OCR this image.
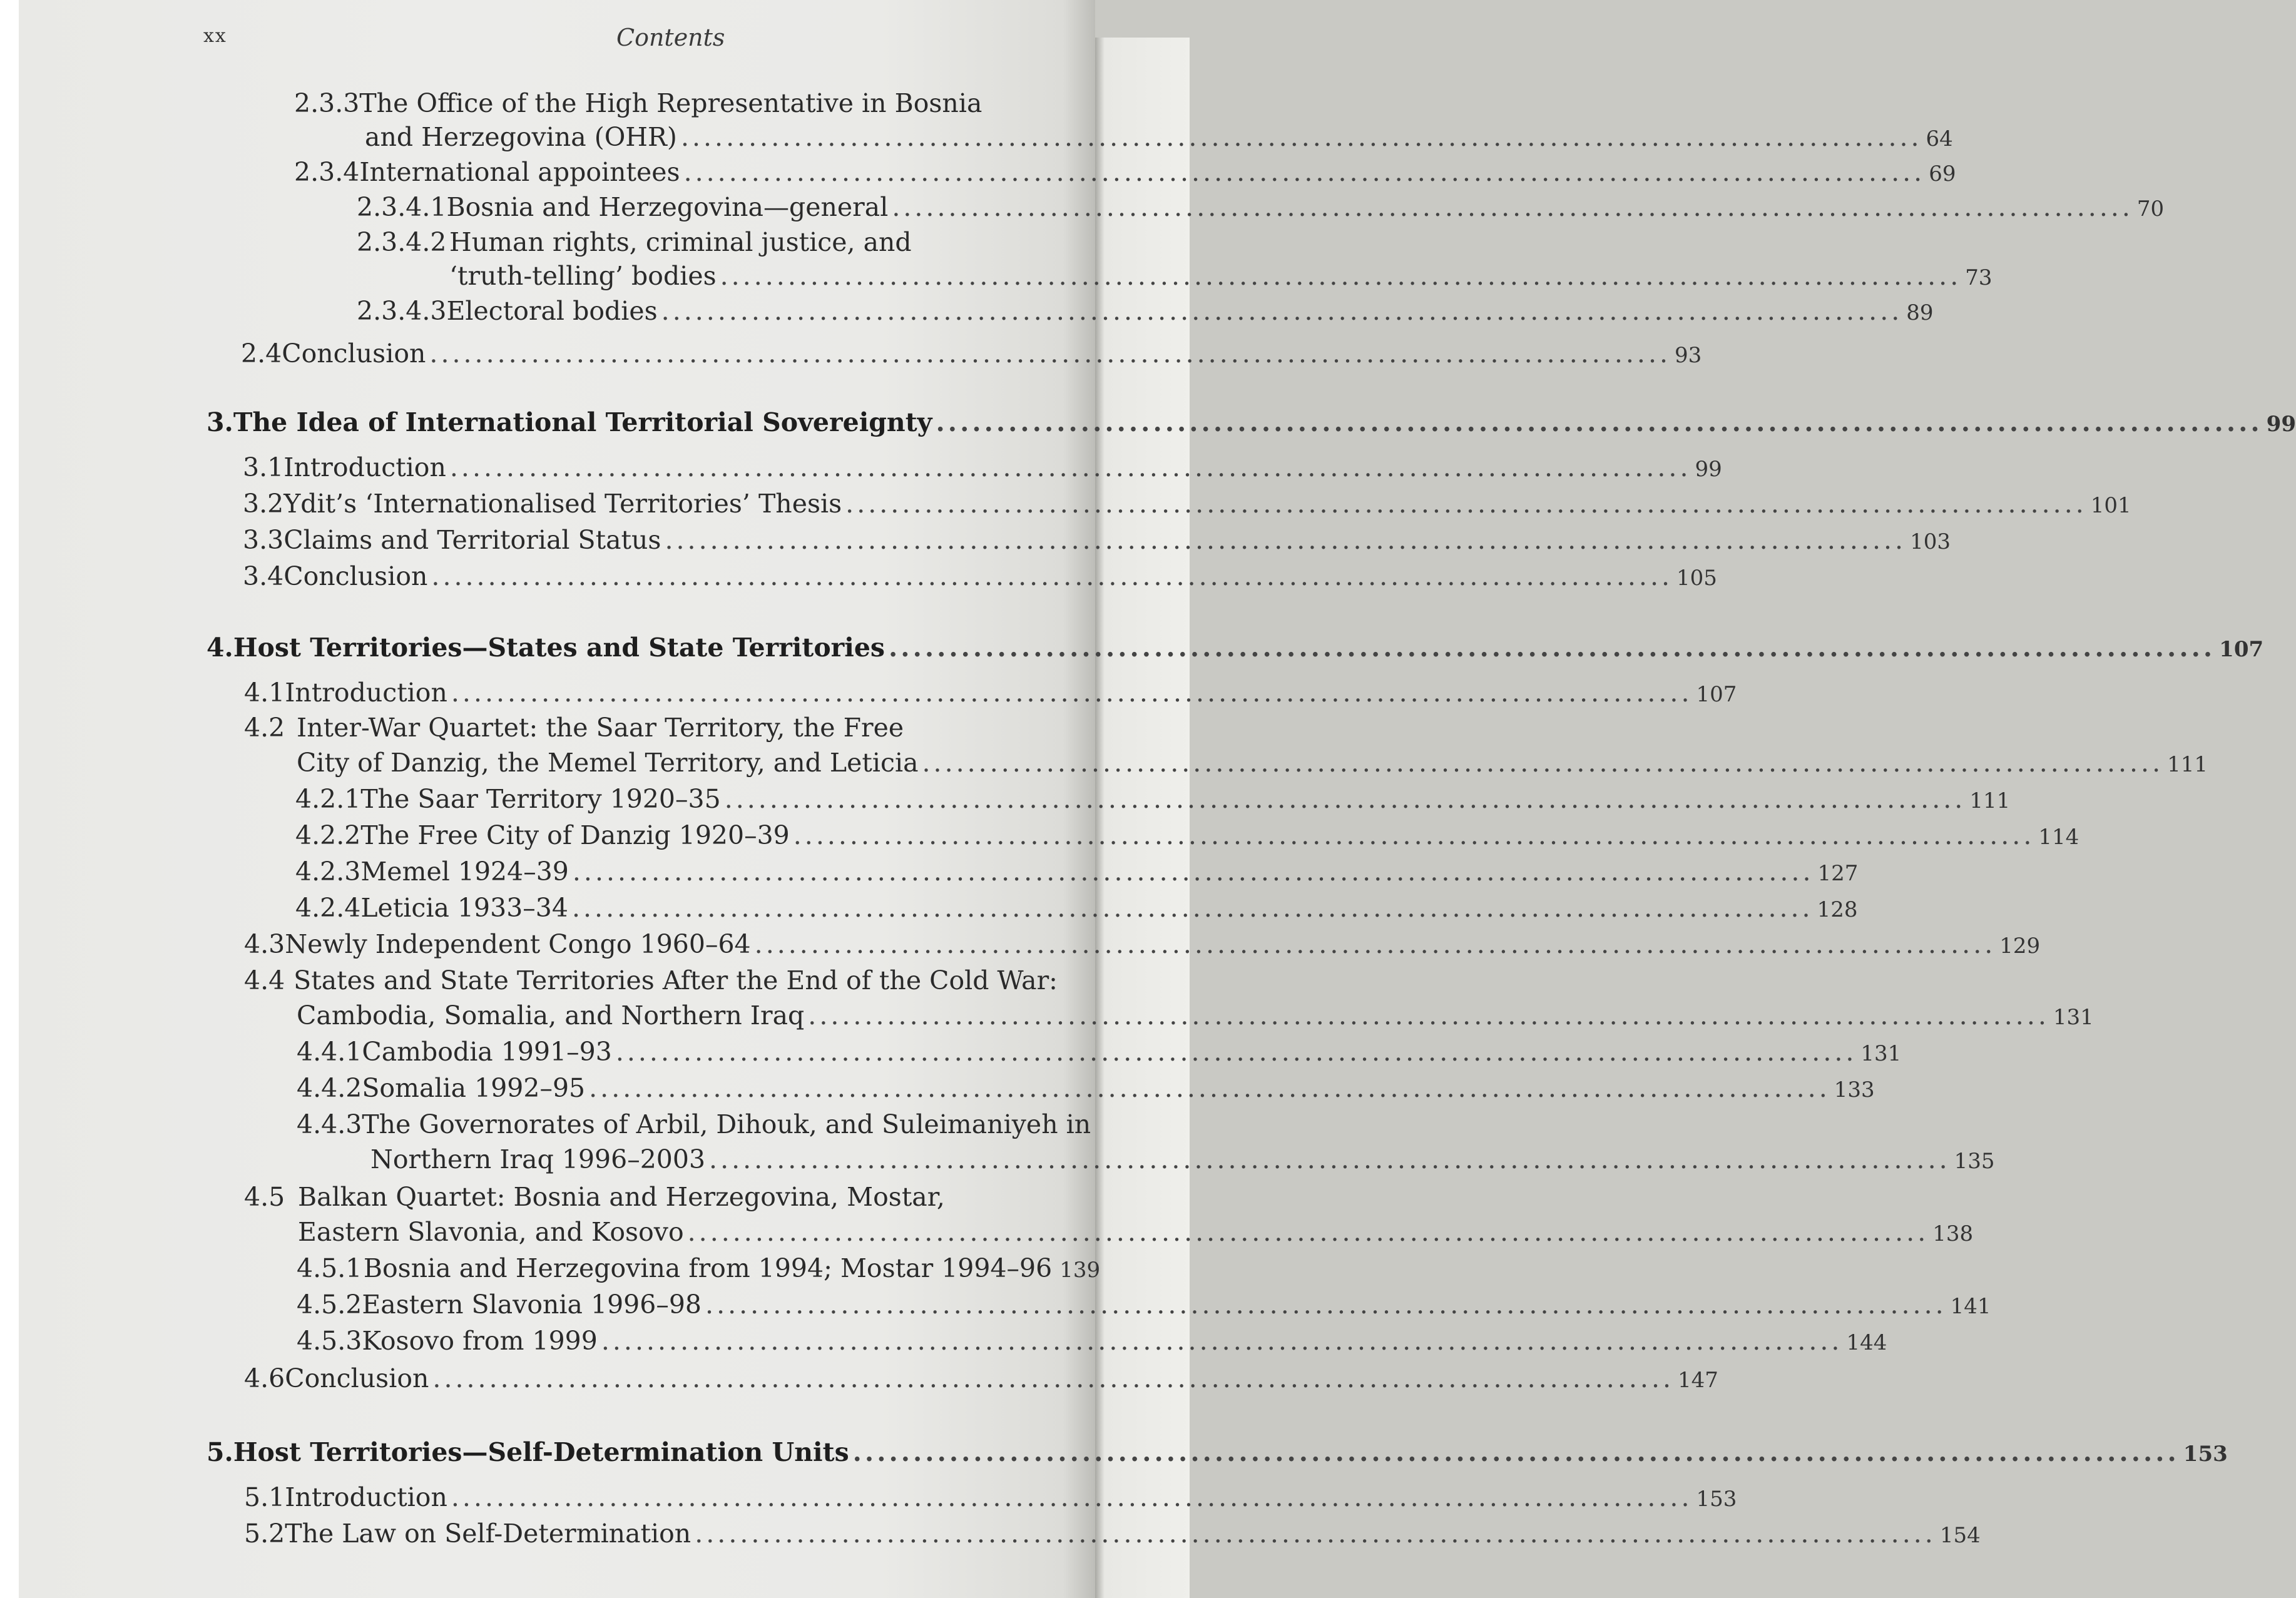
xx	Contents
2.3.3 The Office of the High Representative in Bosnia
and Herzegovina (OHR) .............................................................................................................. 64
2.3.4 International appointees .............................................................................................................. 69
2.3.4.1 Bosnia and Herzegovina—general .............................................................................................................. 70
2.3.4.2 Human rights, criminal justice, and
‘truth-telling’ bodies .............................................................................................................. 73
2.3.4.3 Electoral bodies .............................................................................................................. 89
2.4 Conclusion .............................................................................................................. 93
3. The Idea of International Territorial Sovereignty .............................................................................................................. 99
3.1 Introduction .............................................................................................................. 99
3.2 Ydit’s ‘Internationalised Territories’ Thesis .............................................................................................................. 101
3.3 Claims and Territorial Status .............................................................................................................. 103
3.4 Conclusion .............................................................................................................. 105
4. Host Territories—States and State Territories .............................................................................................................. 107
4.1 Introduction .............................................................................................................. 107
4.2 Inter-War Quartet: the Saar Territory, the Free
City of Danzig, the Memel Territory, and Leticia .............................................................................................................. 111
4.2.1 The Saar Territory 1920–35 .............................................................................................................. 111
4.2.2 The Free City of Danzig 1920–39 .............................................................................................................. 114
4.2.3 Memel 1924–39 .............................................................................................................. 127
4.2.4 Leticia 1933–34 .............................................................................................................. 128
4.3 Newly Independent Congo 1960–64 .............................................................................................................. 129
4.4 States and State Territories After the End of the Cold War:
Cambodia, Somalia, and Northern Iraq .............................................................................................................. 131
4.4.1 Cambodia 1991–93 .............................................................................................................. 131
4.4.2 Somalia 1992–95 .............................................................................................................. 133
4.4.3 The Governorates of Arbil, Dihouk, and Suleimaniyeh in
Northern Iraq 1996–2003 .............................................................................................................. 135
4.5 Balkan Quartet: Bosnia and Herzegovina, Mostar,
Eastern Slavonia, and Kosovo .............................................................................................................. 138
4.5.1 Bosnia and Herzegovina from 1994; Mostar 1994–96 139
4.5.2 Eastern Slavonia 1996–98 .............................................................................................................. 141
4.5.3 Kosovo from 1999 .............................................................................................................. 144
4.6 Conclusion .............................................................................................................. 147
5. Host Territories—Self-Determination Units .............................................................................................................. 153
5.1 Introduction .............................................................................................................. 153
5.2 The Law on Self-Determination .............................................................................................................. 154
